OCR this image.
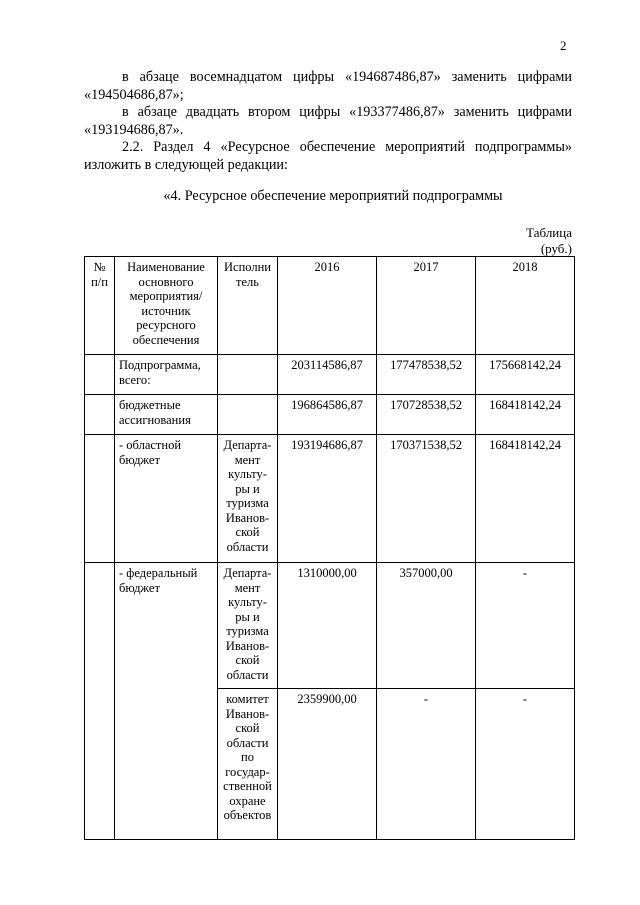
2

в абзаце восемнадцатом цифры «194687486,87» заменить цифрами «194504686,87»;

в абзаце двадцать втором цифры «193377486,87» заменить цифрами «193194686,87».

2.2. Раздел 4 «Ресурсное обеспечение мероприятий подпрограммы» изложить в следующей редакции:

«4. Ресурсное обеспечение мероприятий подпрограммы

Таблица
(руб.)
№ п/п	Наименование основного мероприятия/ источник ресурсного обеспечения	Исполни тель	2016	2017	2018
	Подпрограмма, всего:		203114586,87	177478538,52	175668142,24
	бюджетные ассигнования		196864586,87	170728538,52	168418142,24
	- областной бюджет	Департа-мент культу-ры и туризма Иванов-ской области	193194686,87	170371538,52	168418142,24
	- федеральный бюджет	Департа-мент культу-ры и туризма Иванов-ской области	1310000,00	357000,00	-
		комитет Иванов-ской области по государ-ственной охране объектов	2359900,00	-	-
